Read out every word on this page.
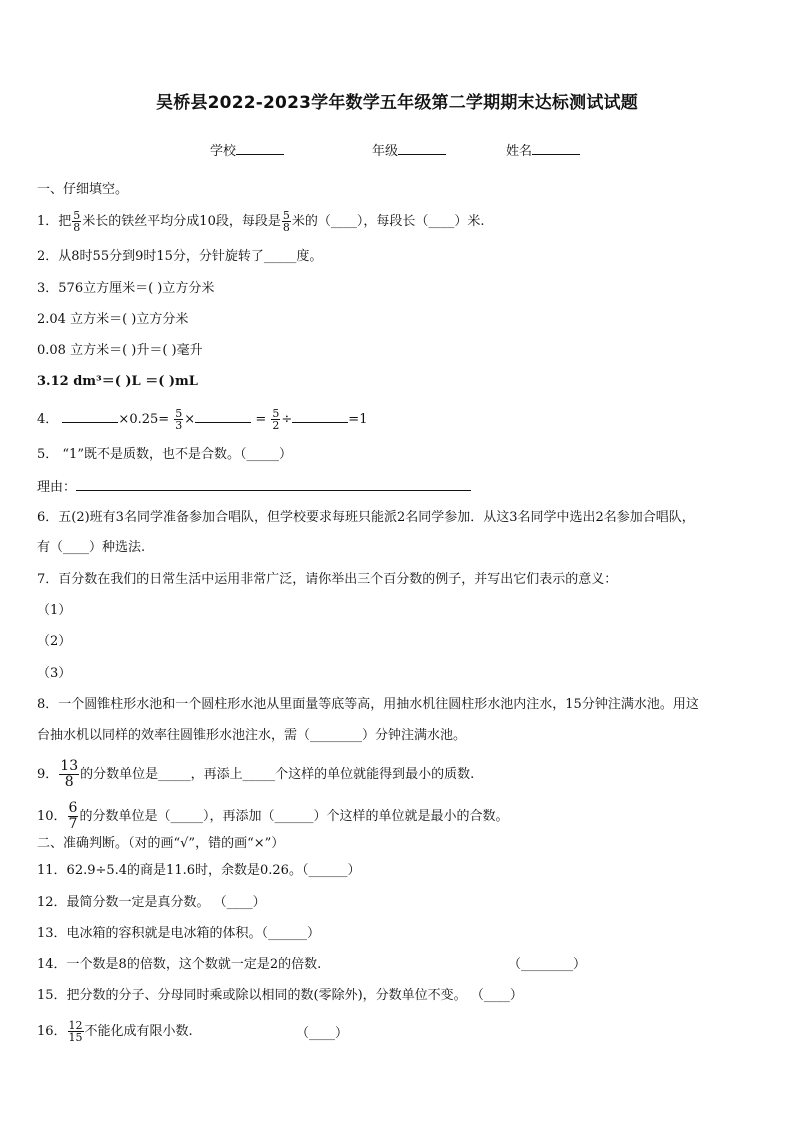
吴桥县2022-2023学年数学五年级第二学期期末达标测试试题
学校	年级	姓名
一、仔细填空。
1．把 $\frac{5}{8}$ 米长的铁丝平均分成10段，每段是 $\frac{5}{8}$ 米的（____），每段长（____）米.
2．从8时55分到9时15分，分针旋转了_____度。
3．576立方厘米＝( )立方分米
2.04 立方米＝( )立方分米
0.08 立方米＝( )升＝( )毫升
3.12 dm³＝( )L ＝( )mL
4．	$\times 0.25= \frac{5}{3}$ ×	= $\frac{5}{2}$ ÷	=1
5． “1”既不是质数，也不是合数。（_____）
理由：
6．五(2)班有3名同学准备参加合唱队，但学校要求每班只能派2名同学参加．从这3名同学中选出2名参加合唱队，
有（____）种选法.
7．百分数在我们的日常生活中运用非常广泛，请你举出三个百分数的例子，并写出它们表示的意义：
（1）
（2）
（3）
8．一个圆锥柱形水池和一个圆柱形水池从里面量等底等高，用抽水机往圆柱形水池内注水，15分钟注满水池。用这
台抽水机以同样的效率往圆锥形水池注水，需（________）分钟注满水池。
9． $\frac{13}{8}$ 的分数单位是_____，再添上_____个这样的单位就能得到最小的质数.
10． $\frac{6}{7}$ 的分数单位是（_____），再添加（______）个这样的单位就是最小的合数。
二、准确判断。（对的画“√”，错的画“×”）
11．62.9÷5.4的商是11.6时，余数是0.26。（______）
12．最简分数一定是真分数。 （____）
13．电冰箱的容积就是电冰箱的体积。（______）
14．一个数是8的倍数，这个数就一定是2的倍数.	（________）
15．把分数的分子、分母同时乘或除以相同的数(零除外)，分数单位不变。 （____）
16． $\frac{12}{15}$ 不能化成有限小数.	（____）
